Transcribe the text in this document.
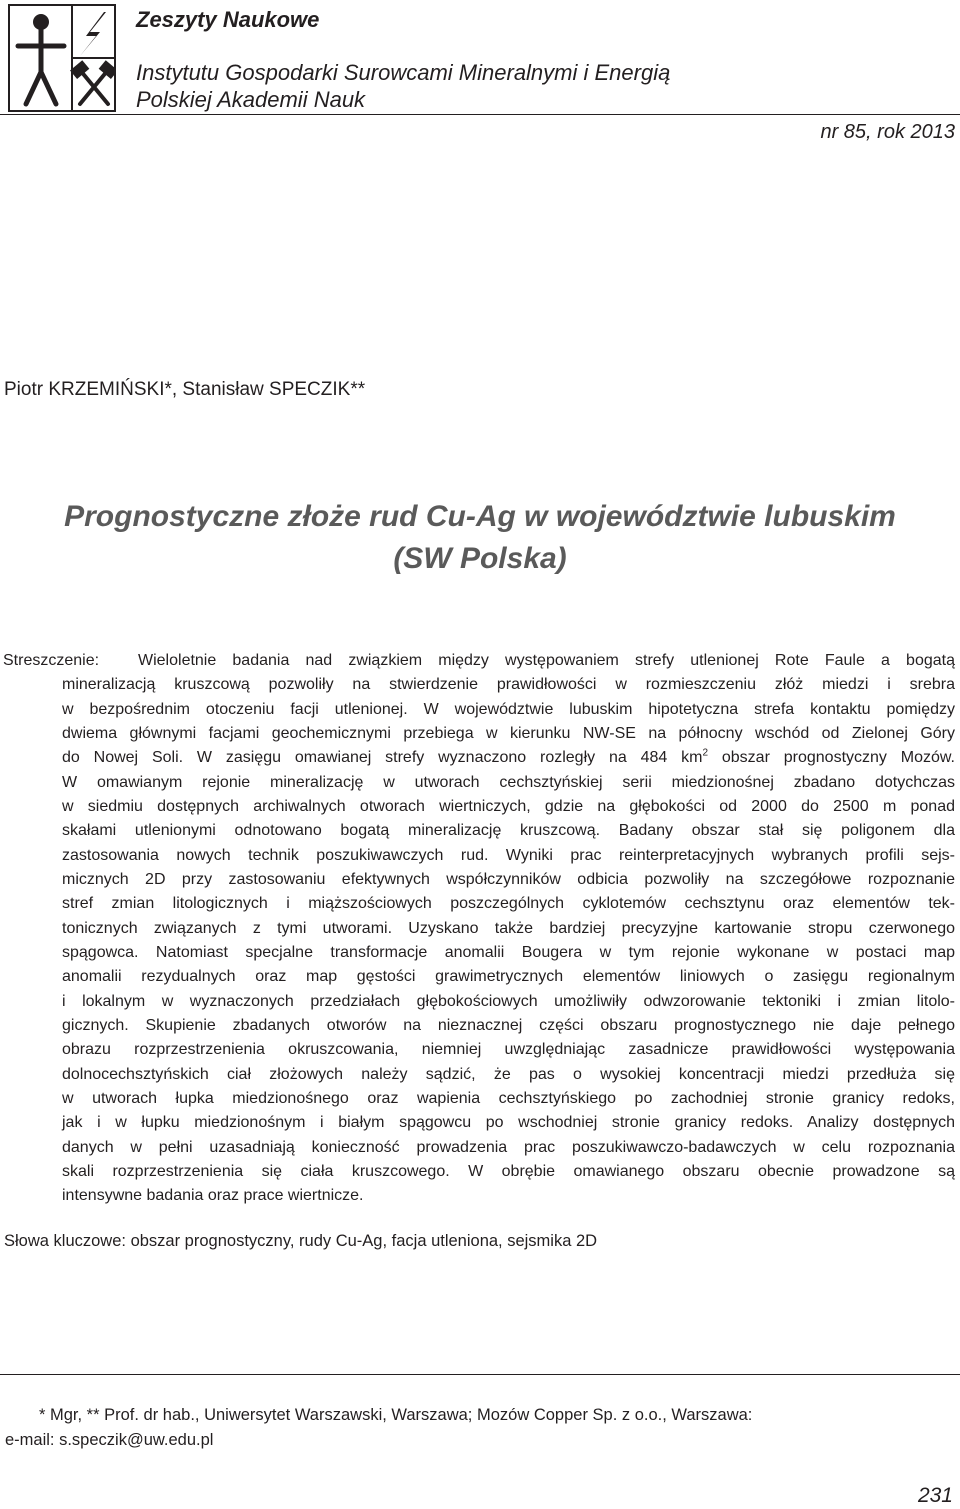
Zeszyty Naukowe
Instytutu Gospodarki Surowcami Mineralnymi i Energią
Polskiej Akademii Nauk
nr 85, rok 2013
Piotr KRZEMIŃSKI*, Stanisław SPECZIK**
Prognostyczne złoże rud Cu-Ag w województwie lubuskim
(SW Polska)
Streszczenie: Wieloletnie badania nad związkiem między występowaniem strefy utlenionej Rote Faule a bogatą
mineralizacją kruszcową pozwoliły na stwierdzenie prawidłowości w rozmieszczeniu złóż miedzi i srebra
w bezpośrednim otoczeniu facji utlenionej. W województwie lubuskim hipotetyczna strefa kontaktu pomiędzy
dwiema głównymi facjami geochemicznymi przebiega w kierunku NW-SE na północny wschód od Zielonej Góry
do Nowej Soli. W zasięgu omawianej strefy wyznaczono rozległy na 484 $km^2$ obszar prognostyczny Mozów.
W omawianym rejonie mineralizację w utworach cechsztyńskiej serii miedzionośnej zbadano dotychczas
w siedmiu dostępnych archiwalnych otworach wiertniczych, gdzie na głębokości od 2000 do 2500 m ponad
skałami utlenionymi odnotowano bogatą mineralizację kruszcową. Badany obszar stał się poligonem dla
zastosowania nowych technik poszukiwawczych rud. Wyniki prac reinterpretacyjnych wybranych profili sejs-
micznych 2D przy zastosowaniu efektywnych współczynników odbicia pozwoliły na szczegółowe rozpoznanie
stref zmian litologicznych i miąższościowych poszczególnych cyklotemów cechsztynu oraz elementów tek-
tonicznych związanych z tymi utworami. Uzyskano także bardziej precyzyjne kartowanie stropu czerwonego
spągowca. Natomiast specjalne transformacje anomalii Bougera w tym rejonie wykonane w postaci map
anomalii rezydualnych oraz map gęstości grawimetrycznych elementów liniowych o zasięgu regionalnym
i lokalnym w wyznaczonych przedziałach głębokościowych umożliwiły odwzorowanie tektoniki i zmian litolo-
gicznych. Skupienie zbadanych otworów na nieznacznej części obszaru prognostycznego nie daje pełnego
obrazu rozprzestrzenienia okruszcowania, niemniej uwzględniając zasadnicze prawidłowości występowania
dolnocechsztyńskich ciał złożowych należy sądzić, że pas o wysokiej koncentracji miedzi przedłuża się
w utworach łupka miedzionośnego oraz wapienia cechsztyńskiego po zachodniej stronie granicy redoks,
jak i w łupku miedzionośnym i białym spągowcu po wschodniej stronie granicy redoks. Analizy dostępnych
danych w pełni uzasadniają konieczność prowadzenia prac poszukiwawczo-badawczych w celu rozpoznania
skali rozprzestrzenienia się ciała kruszcowego. W obrębie omawianego obszaru obecnie prowadzone są
intensywne badania oraz prace wiertnicze.
Słowa kluczowe: obszar prognostyczny, rudy Cu-Ag, facja utleniona, sejsmika 2D
* Mgr, ** Prof. dr hab., Uniwersytet Warszawski, Warszawa; Mozów Copper Sp. z o.o., Warszawa:
e-mail: s.speczik@uw.edu.pl
231
